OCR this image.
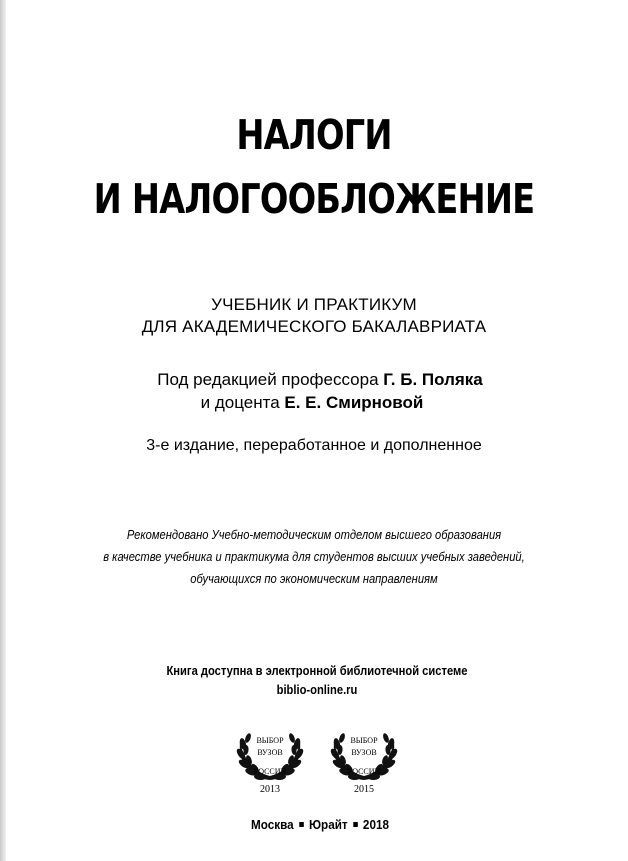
НАЛОГИ
И НАЛОГООБЛОЖЕНИЕ
УЧЕБНИК И ПРАКТИКУМ
ДЛЯ АКАДЕМИЧЕСКОГО БАКАЛАВРИАТА
Под редакцией профессора Г. Б. Поляка
и доцента Е. Е. Смирновой
3-е издание, переработанное и дополненное
Рекомендовано Учебно-методическим отделом высшего образования
в качестве учебника и практикума для студентов высших учебных заведений,
обучающихся по экономическим направлениям
Книга доступна в электронной библиотечной системе
biblio-online.ru
ВЫБОР
ВУЗОВ
РОССИИ
2013
ВЫБОР
ВУЗОВ
РОССИИ
2015
Москва Юрайт 2018
